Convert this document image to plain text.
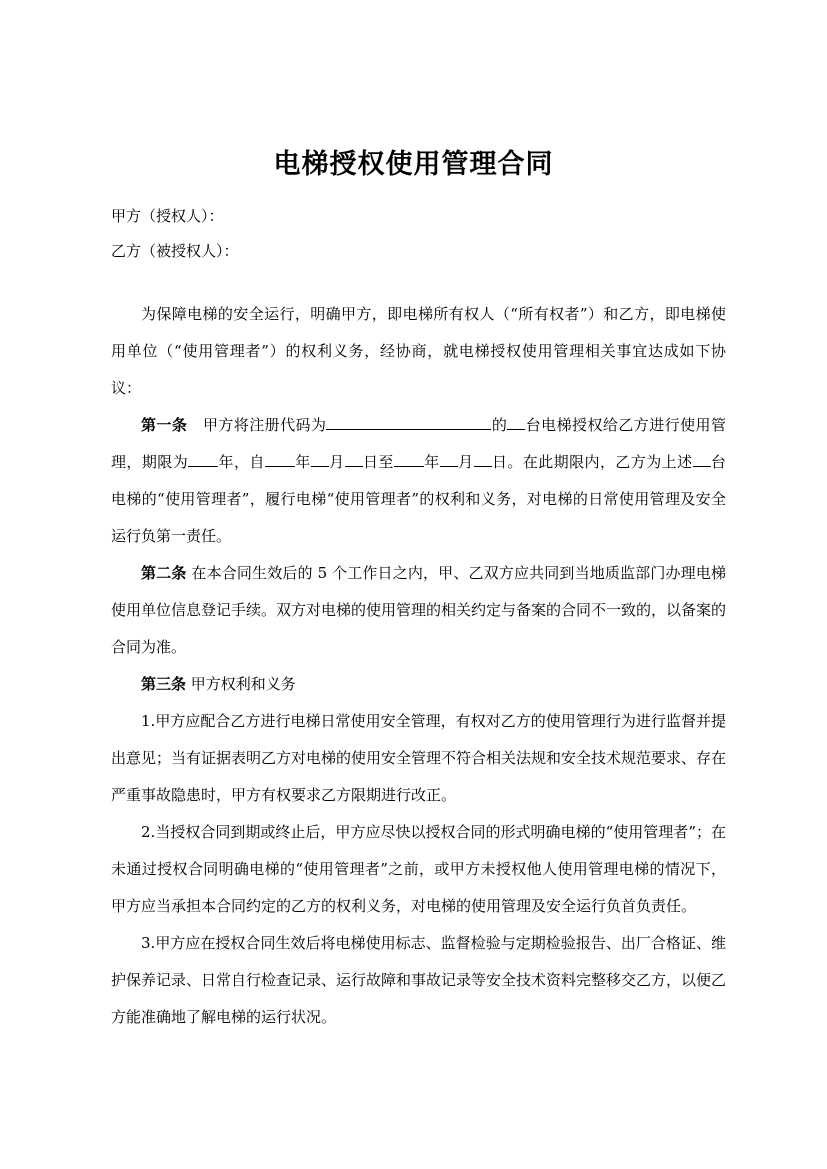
电梯授权使用管理合同
甲方（授权人）：
乙方（被授权人）：

为保障电梯的安全运行，明确甲方，即电梯所有权人（“所有权者”）和乙方，即电梯使用单位（“使用管理者”）的权利义务，经协商，就电梯授权使用管理相关事宜达成如下协议：

第一条 甲方将注册代码为	的 台电梯授权给乙方进行使用管理，期限为 年，自 年 月 日至 年 月 日。在此期限内，乙方为上述 台电梯的“使用管理者”，履行电梯“使用管理者”的权利和义务，对电梯的日常使用管理及安全运行负第一责任。

第二条 在本合同生效后的 5 个工作日之内，甲、乙双方应共同到当地质监部门办理电梯使用单位信息登记手续。双方对电梯的使用管理的相关约定与备案的合同不一致的，以备案的合同为准。

第三条 甲方权利和义务

1.甲方应配合乙方进行电梯日常使用安全管理，有权对乙方的使用管理行为进行监督并提出意见；当有证据表明乙方对电梯的使用安全管理不符合相关法规和安全技术规范要求、存在严重事故隐患时，甲方有权要求乙方限期进行改正。

2.当授权合同到期或终止后，甲方应尽快以授权合同的形式明确电梯的“使用管理者”；在未通过授权合同明确电梯的“使用管理者”之前，或甲方未授权他人使用管理电梯的情况下，甲方应当承担本合同约定的乙方的权利义务，对电梯的使用管理及安全运行负首负责任。

3.甲方应在授权合同生效后将电梯使用标志、监督检验与定期检验报告、出厂合格证、维护保养记录、日常自行检查记录、运行故障和事故记录等安全技术资料完整移交乙方，以便乙方能准确地了解电梯的运行状况。
